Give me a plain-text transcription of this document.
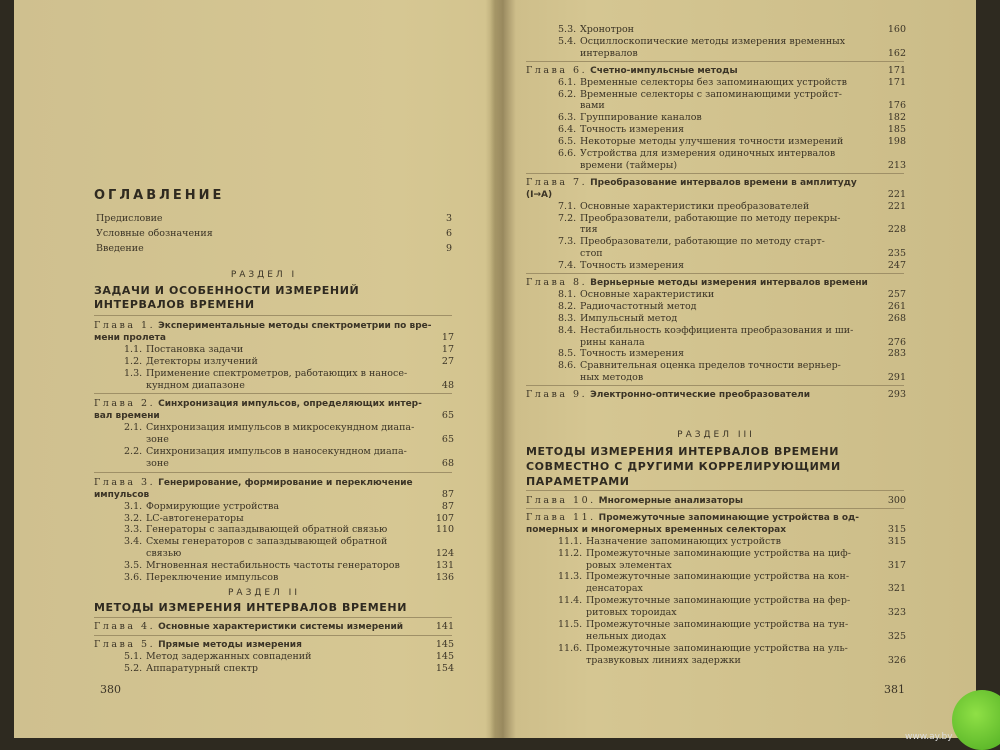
ОГЛАВЛЕНИЕ
Предисловие	3
Условные обозначения	6
Введение	9
РАЗДЕЛ I
ЗАДАЧИ И ОСОБЕННОСТИ ИЗМЕРЕНИЙ
ИНТЕРВАЛОВ ВРЕМЕНИ
Глава 1. Экспериментальные методы спектрометрии по вре-
мени пролета	17
1.1. Постановка задачи	17
1.2. Детекторы излучений	27
1.3. Применение спектрометров, работающих в наносе-
кундном диапазоне	48
Глава 2. Синхронизация импульсов, определяющих интер-
вал времени	65
2.1. Синхронизация импульсов в микросекундном диапа-
зоне	65
2.2. Синхронизация импульсов в наносекундном диапа-
зоне	68
Глава 3. Генерирование, формирование и переключение
импульсов	87
3.1. Формирующие устройства	87
3.2. LC-автогенераторы	107
3.3. Генераторы с запаздывающей обратной связью	110
3.4. Схемы генераторов с запаздывающей обратной
связью	124
3.5. Мгновенная нестабильность частоты генераторов	131
3.6. Переключение импульсов	136
РАЗДЕЛ II
МЕТОДЫ ИЗМЕРЕНИЯ ИНТЕРВАЛОВ ВРЕМЕНИ
Глава 4. Основные характеристики системы измерений	141
Глава 5. Прямые методы измерения	145
5.1. Метод задержанных совпадений	145
5.2. Аппаратурный спектр	154
380
5.3. Хронотрон	160
5.4. Осциллоскопические методы измерения временных
интервалов	162
Глава 6. Счетно-импульсные методы	171
6.1. Временные селекторы без запоминающих устройств	171
6.2. Временные селекторы с запоминающими устройст-
вами	176
6.3. Группирование каналов	182
6.4. Точность измерения	185
6.5. Некоторые методы улучшения точности измерений	198
6.6. Устройства для измерения одиночных интервалов
времени (таймеры)	213
Глава 7. Преобразование интервалов времени в амплитуду
(I→A)	221
7.1. Основные характеристики преобразователей	221
7.2. Преобразователи, работающие по методу перекры-
тия	228
7.3. Преобразователи, работающие по методу старт-
стоп	235
7.4. Точность измерения	247
Глава 8. Верньерные методы измерения интервалов времени
8.1. Основные характеристики	257
8.2. Радиочастотный метод	261
8.3. Импульсный метод	268
8.4. Нестабильность коэффициента преобразования и ши-
рины канала	276
8.5. Точность измерения	283
8.6. Сравнительная оценка пределов точности верньер-
ных методов	291
Глава 9. Электронно-оптические преобразователи	293
РАЗДЕЛ III
МЕТОДЫ ИЗМЕРЕНИЯ ИНТЕРВАЛОВ ВРЕМЕНИ
СОВМЕСТНО С ДРУГИМИ КОРРЕЛИРУЮЩИМИ
ПАРАМЕТРАМИ
Глава 10. Многомерные анализаторы	300
Глава 11. Промежуточные запоминающие устройства в од-
померных и многомерных временных селекторах	315
11.1. Назначение запоминающих устройств	315
11.2. Промежуточные запоминающие устройства на циф-
ровых элементах	317
11.3. Промежуточные запоминающие устройства на кон-
денсаторах	321
11.4. Промежуточные запоминающие устройства на фер-
ритовых тороидах	323
11.5. Промежуточные запоминающие устройства на тун-
нельных диодах	325
11.6. Промежуточные запоминающие устройства на уль-
тразвуковых линиях задержки	326
381
www.ay.by
